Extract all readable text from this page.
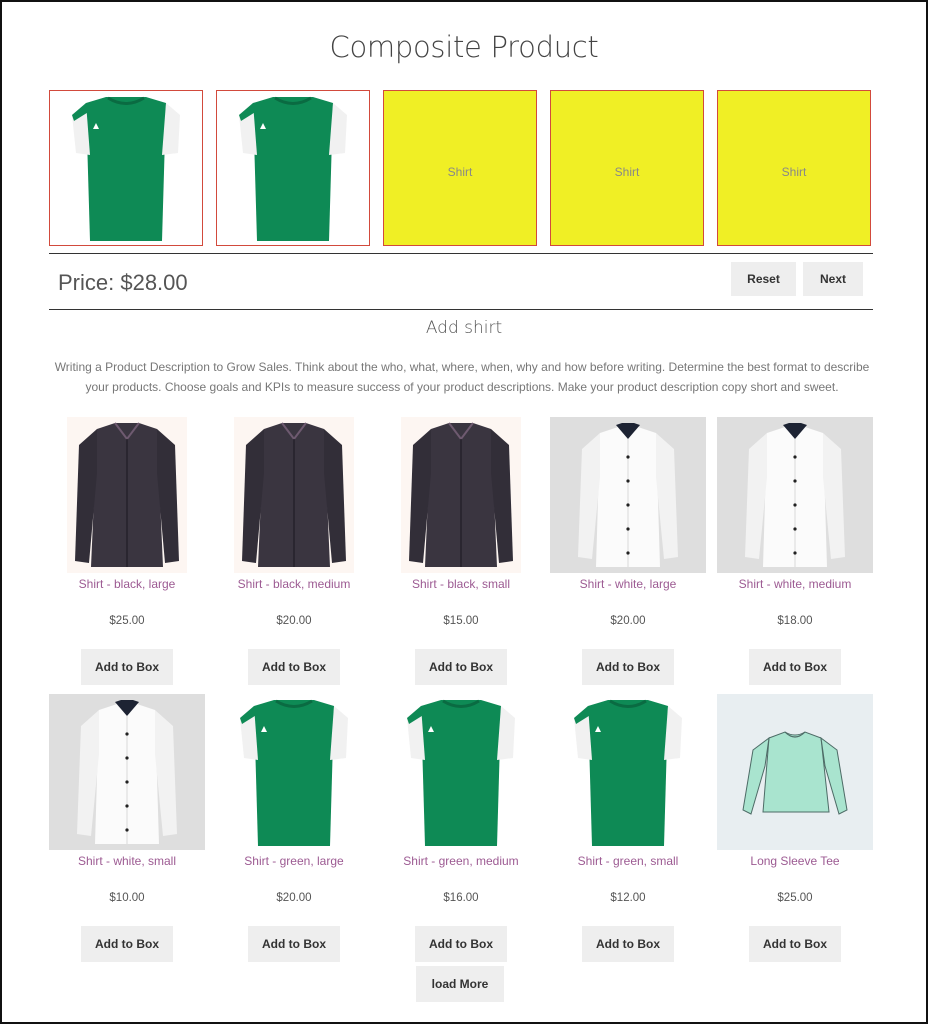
Composite Product
Shirt	Shirt	Shirt
Price: $28.00	Reset	Next
Add shirt
Writing a Product Description to Grow Sales. Think about the who, what, where, when, why and how before writing. Determine the best format to describe your products. Choose goals and KPIs to measure success of your product descriptions. Make your product description copy short and sweet.
Shirt - black, large
$25.00
Add to Box
Shirt - black, medium
$20.00
Add to Box
Shirt - black, small
$15.00
Add to Box
Shirt - white, large
$20.00
Add to Box
Shirt - white, medium
$18.00
Add to Box
Shirt - white, small
$10.00
Add to Box
Shirt - green, large
$20.00
Add to Box
Shirt - green, medium
$16.00
Add to Box
Shirt - green, small
$12.00
Add to Box
Long Sleeve Tee
$25.00
Add to Box
load More
